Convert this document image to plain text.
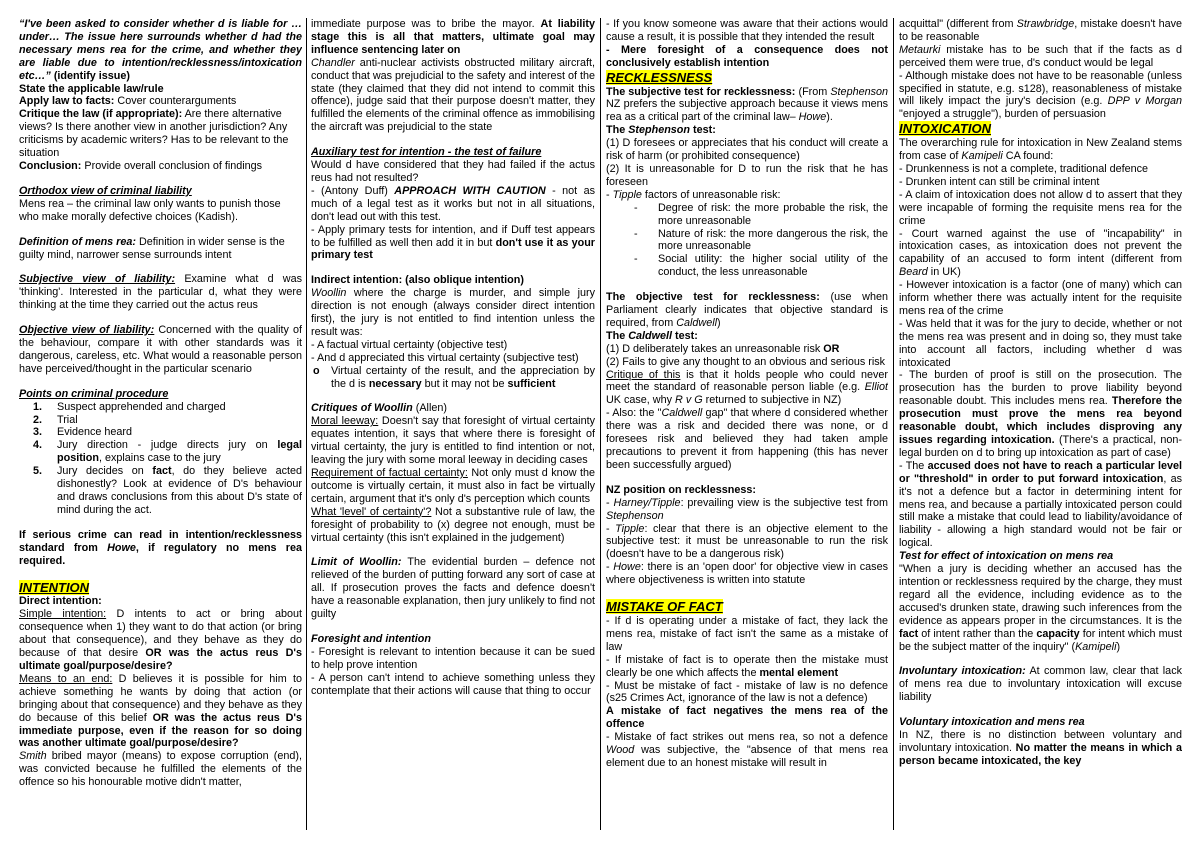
“I've been asked to consider whether d is liable for … under… The issue here surrounds whether d had the necessary mens rea for the crime, and whether they are liable due to intention/recklessness/intoxication etc…” (identify issue)

State the applicable law/rule

Apply law to facts: Cover counterarguments

Critique the law (if appropriate): Are there alternative views? Is there another view in another jurisdiction? Any criticisms by academic writers? Has to be relevant to the situation

Conclusion: Provide overall conclusion of findings

Orthodox view of criminal liability

Mens rea – the criminal law only wants to punish those who make morally defective choices (Kadish).

Definition of mens rea: Definition in wider sense is the guilty mind, narrower sense surrounds intent

Subjective view of liability: Examine what d was 'thinking'. Interested in the particular d, what they were thinking at the time they carried out the actus reus

Objective view of liability: Concerned with the quality of the behaviour, compare it with other standards was it dangerous, careless, etc. What would a reasonable person have perceived/thought in the particular scenario

Points on criminal procedure

1. Suspect apprehended and charged
2. Trial
3. Evidence heard
4. Jury direction - judge directs jury on legal position, explains case to the jury
5. Jury decides on fact, do they believe acted dishonestly? Look at evidence of D's behaviour and draws conclusions from this about D's state of mind during the act.

If serious crime can read in intention/recklessness standard from Howe, if regulatory no mens rea required.

INTENTION

Direct intention:

Simple intention: D intents to act or bring about consequence when 1) they want to do that action (or bring about that consequence), and they behave as they do because of that desire OR was the actus reus D's ultimate goal/purpose/desire?

Means to an end: D believes it is possible for him to achieve something he wants by doing that action (or bringing about that consequence) and they behave as they do because of this belief OR was the actus reus D's immediate purpose, even if the reason for so doing was another ultimate goal/purpose/desire?

Smith bribed mayor (means) to expose corruption (end), was convicted because he fulfilled the elements of the offence so his honourable motive didn't matter,

immediate purpose was to bribe the mayor. At liability stage this is all that matters, ultimate goal may influence sentencing later on

Chandler anti-nuclear activists obstructed military aircraft, conduct that was prejudicial to the safety and interest of the state (they claimed that they did not intend to commit this offence), judge said that their purpose doesn't matter, they fulfilled the elements of the criminal offence as immobilising the aircraft was prejudicial to the state

Auxiliary test for intention - the test of failure

Would d have considered that they had failed if the actus reus had not resulted?

- (Antony Duff) APPROACH WITH CAUTION - not as much of a legal test as it works but not in all situations, don't lead out with this test.

- Apply primary tests for intention, and if Duff test appears to be fulfilled as well then add it in but don't use it as your primary test

Indirect intention: (also oblique intention)

Woollin where the charge is murder, and simple jury direction is not enough (always consider direct intention first), the jury is not entitled to find intention unless the result was:

- A factual virtual certainty (objective test)

- And d appreciated this virtual certainty (subjective test)

o Virtual certainty of the result, and the appreciation by the d is necessary but it may not be sufficient

Critiques of Woollin (Allen)

Moral leeway: Doesn't say that foresight of virtual certainty equates intention, it says that where there is foresight of virtual certainty, the jury is entitled to find intention or not, leaving the jury with some moral leeway in deciding cases

Requirement of factual certainty: Not only must d know the outcome is virtually certain, it must also in fact be virtually certain, argument that it's only d's perception which counts

What 'level' of certainty'? Not a substantive rule of law, the foresight of probability to (x) degree not enough, must be virtual certainty (this isn't explained in the judgement)

Limit of Woollin: The evidential burden – defence not relieved of the burden of putting forward any sort of case at all. If prosecution proves the facts and defence doesn't have a reasonable explanation, then jury unlikely to find not guilty

Foresight and intention

- Foresight is relevant to intention because it can be sued to help prove intention

- A person can't intend to achieve something unless they contemplate that their actions will cause that thing to occur

- If you know someone was aware that their actions would cause a result, it is possible that they intended the result

- Mere foresight of a consequence does not conclusively establish intention

RECKLESSNESS

The subjective test for recklessness: (From Stephenson NZ prefers the subjective approach because it views mens rea as a critical part of the criminal law– Howe).

The Stephenson test:

(1) D foresees or appreciates that his conduct will create a risk of harm (or prohibited consequence)

(2) It is unreasonable for D to run the risk that he has foreseen

- Tipple factors of unreasonable risk:

- Degree of risk: the more probable the risk, the more unreasonable
- Nature of risk: the more dangerous the risk, the more unreasonable
- Social utility: the higher social utility of the conduct, the less unreasonable

The objective test for recklessness: (use when Parliament clearly indicates that objective standard is required, from Caldwell)

The Caldwell test:

(1) D deliberately takes an unreasonable risk OR

(2) Fails to give any thought to an obvious and serious risk

Critique of this is that it holds people who could never meet the standard of reasonable person liable (e.g. Elliot UK case, why R v G returned to subjective in NZ)

- Also: the "Caldwell gap" that where d considered whether there was a risk and decided there was none, or d foresees risk and believed they had taken ample precautions to prevent it from happening (this has never been successfully argued)

NZ position on recklessness:

- Harney/Tipple: prevailing view is the subjective test from Stephenson

- Tipple: clear that there is an objective element to the subjective test: it must be unreasonable to run the risk (doesn't have to be a dangerous risk)

- Howe: there is an 'open door' for objective view in cases where objectiveness is written into statute

MISTAKE OF FACT

- If d is operating under a mistake of fact, they lack the mens rea, mistake of fact isn't the same as a mistake of law

- If mistake of fact is to operate then the mistake must clearly be one which affects the mental element

- Must be mistake of fact - mistake of law is no defence (s25 Crimes Act, ignorance of the law is not a defence)

A mistake of fact negatives the mens rea of the offence

- Mistake of fact strikes out mens rea, so not a defence Wood was subjective, the "absence of that mens rea element due to an honest mistake will result in

acquittal" (different from Strawbridge, mistake doesn't have to be reasonable

Metaurki mistake has to be such that if the facts as d perceived them were true, d's conduct would be legal

- Although mistake does not have to be reasonable (unless specified in statute, e.g. s128), reasonableness of mistake will likely impact the jury's decision (e.g. DPP v Morgan "enjoyed a struggle"), burden of persuasion

INTOXICATION

The overarching rule for intoxication in New Zealand stems from case of Kamipeli CA found:

- Drunkenness is not a complete, traditional defence

- Drunken intent can still be criminal intent

- A claim of intoxication does not allow d to assert that they were incapable of forming the requisite mens rea for the crime

- Court warned against the use of "incapability" in intoxication cases, as intoxication does not prevent the capability of an accused to form intent (different from Beard in UK)

- However intoxication is a factor (one of many) which can inform whether there was actually intent for the requisite mens rea of the crime

- Was held that it was for the jury to decide, whether or not the mens rea was present and in doing so, they must take into account all factors, including whether d was intoxicated

- The burden of proof is still on the prosecution. The prosecution has the burden to prove liability beyond reasonable doubt. This includes mens rea. Therefore the prosecution must prove the mens rea beyond reasonable doubt, which includes disproving any issues regarding intoxication. (There's a practical, non-legal burden on d to bring up intoxication as part of case)

- The accused does not have to reach a particular level or "threshold" in order to put forward intoxication, as it's not a defence but a factor in determining intent for mens rea, and because a partially intoxicated person could still make a mistake that could lead to liability/avoidance of liability - allowing a high standard would not be fair or logical.

Test for effect of intoxication on mens rea

"When a jury is deciding whether an accused has the intention or recklessness required by the charge, they must regard all the evidence, including evidence as to the accused's drunken state, drawing such inferences from the evidence as appears proper in the circumstances. It is the fact of intent rather than the capacity for intent which must be the subject matter of the inquiry" (Kamipeli)

Involuntary intoxication: At common law, clear that lack of mens rea due to involuntary intoxication will excuse liability

Voluntary intoxication and mens rea

In NZ, there is no distinction between voluntary and involuntary intoxication. No matter the means in which a person became intoxicated, the key
